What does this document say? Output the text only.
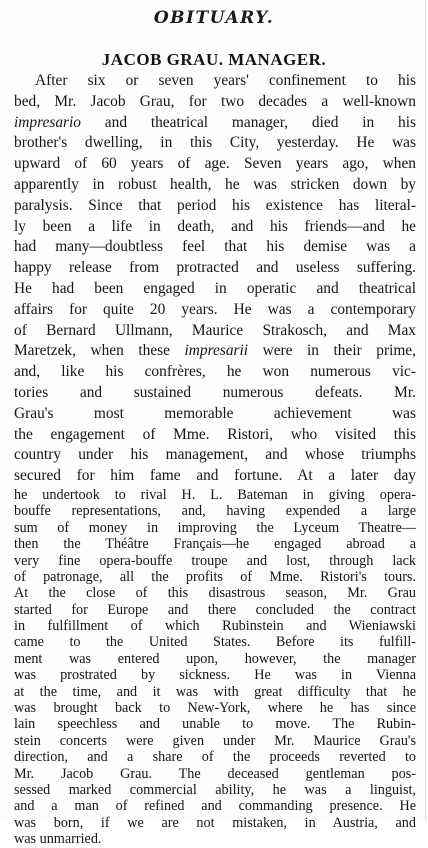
OBITUARY.
JACOB GRAU. MANAGER.
After six or seven years' confinement to his
bed, Mr. Jacob Grau, for two decades a well-known
impresario and theatrical manager, died in his
brother's dwelling, in this City, yesterday. He was
upward of 60 years of age. Seven years ago, when
apparently in robust health, he was stricken down by
paralysis. Since that period his existence has literal-
ly been a life in death, and his friends—and he
had many—doubtless feel that his demise was a
happy release from protracted and useless suffering.
He had been engaged in operatic and theatrical
affairs for quite 20 years. He was a contemporary
of Bernard Ullmann, Maurice Strakosch, and Max
Maretzek, when these impresarii were in their prime,
and, like his confrères, he won numerous vic-
tories and sustained numerous defeats. Mr.
Grau's most memorable achievement was
the engagement of Mme. Ristori, who visited this
country under his management, and whose triumphs
secured for him fame and fortune. At a later day
he undertook to rival H. L. Bateman in giving opera-
bouffe representations, and, having expended a large
sum of money in improving the Lyceum Theatre—
then the Théâtre Français—he engaged abroad a
very fine opera-bouffe troupe and lost, through lack
of patronage, all the profits of Mme. Ristori's tours.
At the close of this disastrous season, Mr. Grau
started for Europe and there concluded the contract
in fulfillment of which Rubinstein and Wieniawski
came to the United States. Before its fulfill-
ment was entered upon, however, the manager
was prostrated by sickness. He was in Vienna
at the time, and it was with great difficulty that he
was brought back to New-York, where he has since
lain speechless and unable to move. The Rubin-
stein concerts were given under Mr. Maurice Grau's
direction, and a share of the proceeds reverted to
Mr. Jacob Grau. The deceased gentleman pos-
sessed marked commercial ability, he was a linguist,
and a man of refined and commanding presence. He
was born, if we are not mistaken, in Austria, and
was unmarried.
